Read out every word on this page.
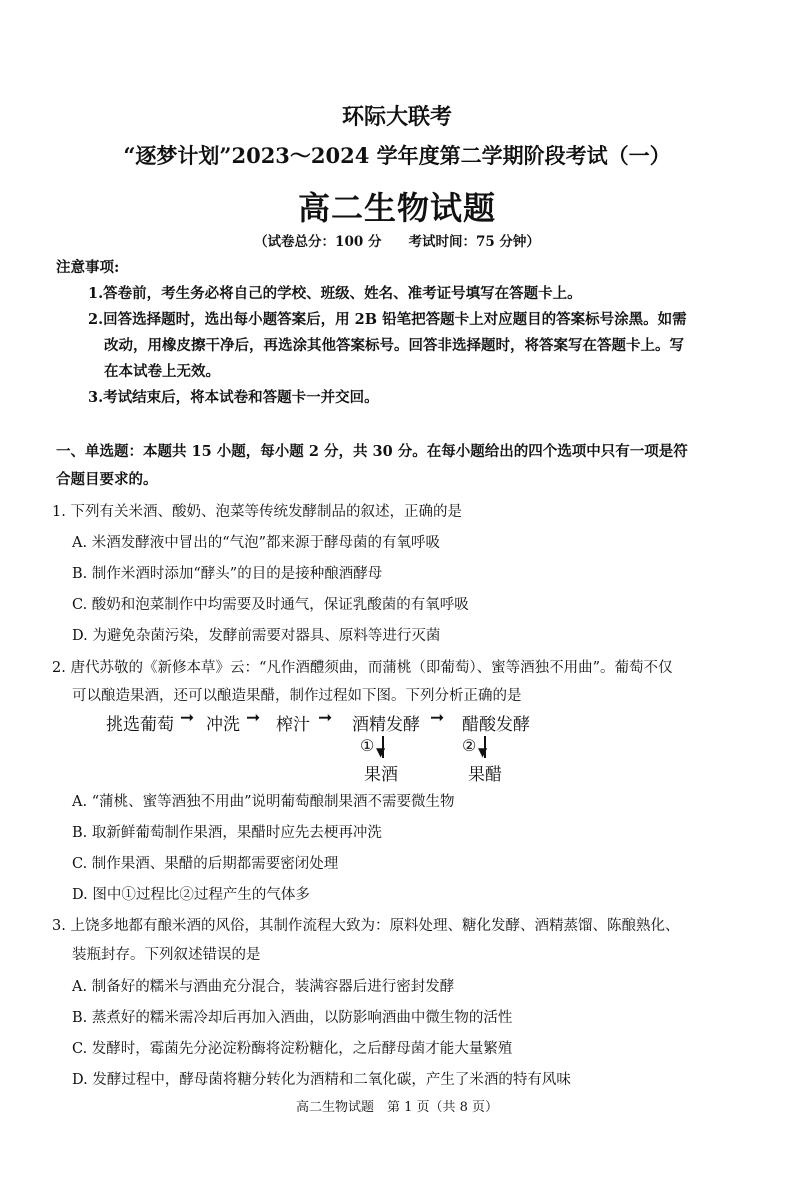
环际大联考
“逐梦计划”2023～2024 学年度第二学期阶段考试（一）
高二生物试题
（试卷总分：100 分　　考试时间：75 分钟）
注意事项:
1.答卷前，考生务必将自己的学校、班级、姓名、准考证号填写在答题卡上。
2.回答选择题时，选出每小题答案后，用 2B 铅笔把答题卡上对应题目的答案标号涂黑。如需
改动，用橡皮擦干净后，再选涂其他答案标号。回答非选择题时，将答案写在答题卡上。写
在本试卷上无效。
3.考试结束后，将本试卷和答题卡一并交回。
一、单选题：本题共 15 小题，每小题 2 分，共 30 分。在每小题给出的四个选项中只有一项是符
合题目要求的。
1. 下列有关米酒、酸奶、泡菜等传统发酵制品的叙述，正确的是
A. 米酒发酵液中冒出的“气泡”都来源于酵母菌的有氧呼吸
B. 制作米酒时添加“酵头”的目的是接种酿酒酵母
C. 酸奶和泡菜制作中均需要及时通气，保证乳酸菌的有氧呼吸
D. 为避免杂菌污染，发酵前需要对器具、原料等进行灭菌
2. 唐代苏敬的《新修本草》云：“凡作酒醴须曲，而蒲桃（即葡萄）、蜜等酒独不用曲”。葡萄不仅
可以酿造果酒，还可以酿造果醋，制作过程如下图。下列分析正确的是
挑选葡萄 ➞ 冲洗 ➞ 榨汁 ➞ 酒精发酵 ➞ 醋酸发酵
① ▼	② ▼
果酒	果醋
A. “蒲桃、蜜等酒独不用曲”说明葡萄酿制果酒不需要微生物
B. 取新鲜葡萄制作果酒，果醋时应先去梗再冲洗
C. 制作果酒、果醋的后期都需要密闭处理
D. 图中①过程比②过程产生的气体多
3. 上饶多地都有酿米酒的风俗，其制作流程大致为：原料处理、糖化发酵、酒精蒸馏、陈酿熟化、
装瓶封存。下列叙述错误的是
A. 制备好的糯米与酒曲充分混合，装满容器后进行密封发酵
B. 蒸煮好的糯米需冷却后再加入酒曲，以防影响酒曲中微生物的活性
C. 发酵时，霉菌先分泌淀粉酶将淀粉糖化，之后酵母菌才能大量繁殖
D. 发酵过程中，酵母菌将糖分转化为酒精和二氧化碳，产生了米酒的特有风味
高二生物试题　第 1 页（共 8 页）
